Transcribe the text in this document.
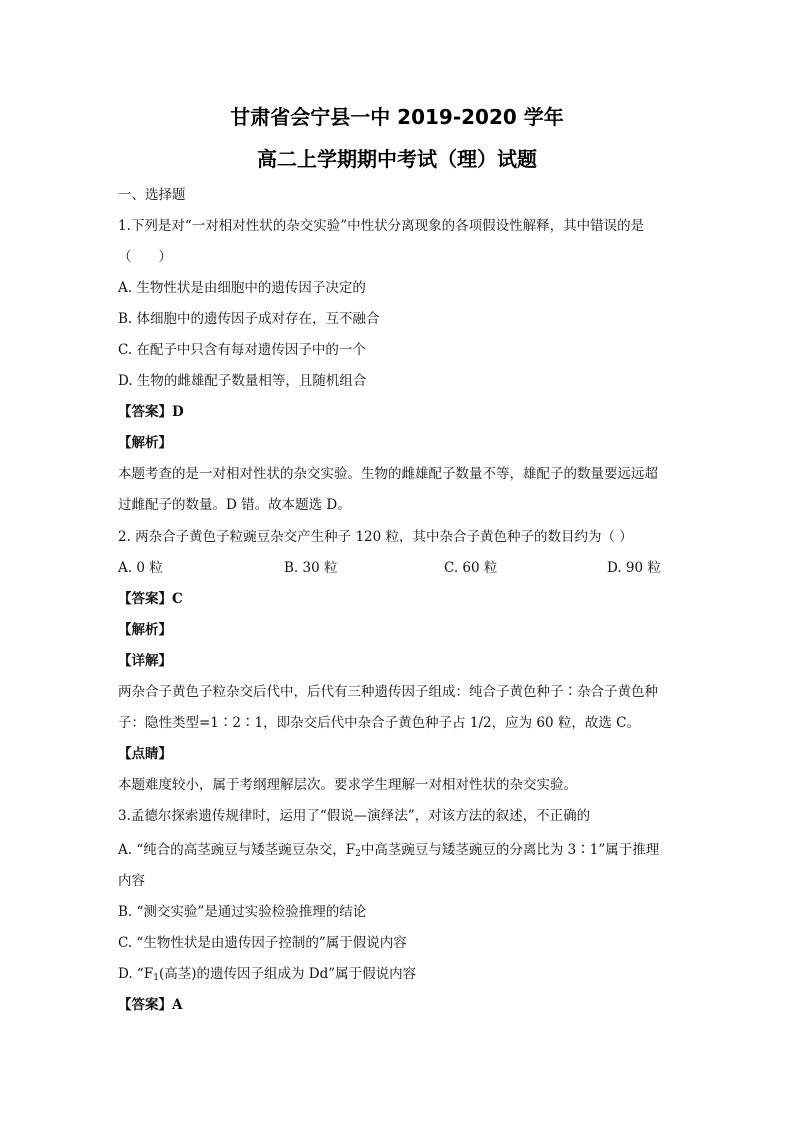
甘肃省会宁县一中 2019-2020 学年
高二上学期期中考试（理）试题
一、选择题
1.下列是对“一对相对性状的杂交实验”中性状分离现象的各项假设性解释，其中错误的是
（　　）
A. 生物性状是由细胞中的遗传因子决定的
B. 体细胞中的遗传因子成对存在，互不融合
C. 在配子中只含有每对遗传因子中的一个
D. 生物的雌雄配子数量相等，且随机组合
【答案】D
【解析】
本题考查的是一对相对性状的杂交实验。生物的雌雄配子数量不等，雄配子的数量要远远超
过雌配子的数量。D 错。故本题选 D。
2. 两杂合子黄色子粒豌豆杂交产生种子 120 粒，其中杂合子黄色种子的数目约为（ ）
A. 0 粒	B. 30 粒	C. 60 粒	D. 90 粒
【答案】C
【解析】
【详解】
两杂合子黄色子粒杂交后代中，后代有三种遗传因子组成：纯合子黄色种子∶杂合子黄色种
子：隐性类型=1∶2∶1，即杂交后代中杂合子黄色种子占 1/2，应为 60 粒，故选 C。
【点睛】
本题难度较小，属于考纲理解层次。要求学生理解一对相对性状的杂交实验。
3.孟德尔探索遗传规律时，运用了“假说—演绎法”，对该方法的叙述，不正确的
A. “纯合的高茎豌豆与矮茎豌豆杂交，$F_2$中高茎豌豆与矮茎豌豆的分离比为 3∶1”属于推理
内容
B. “测交实验”是通过实验检验推理的结论
C. “生物性状是由遗传因子控制的”属于假说内容
D. “$F_1$(高茎)的遗传因子组成为 Dd”属于假说内容
【答案】A
